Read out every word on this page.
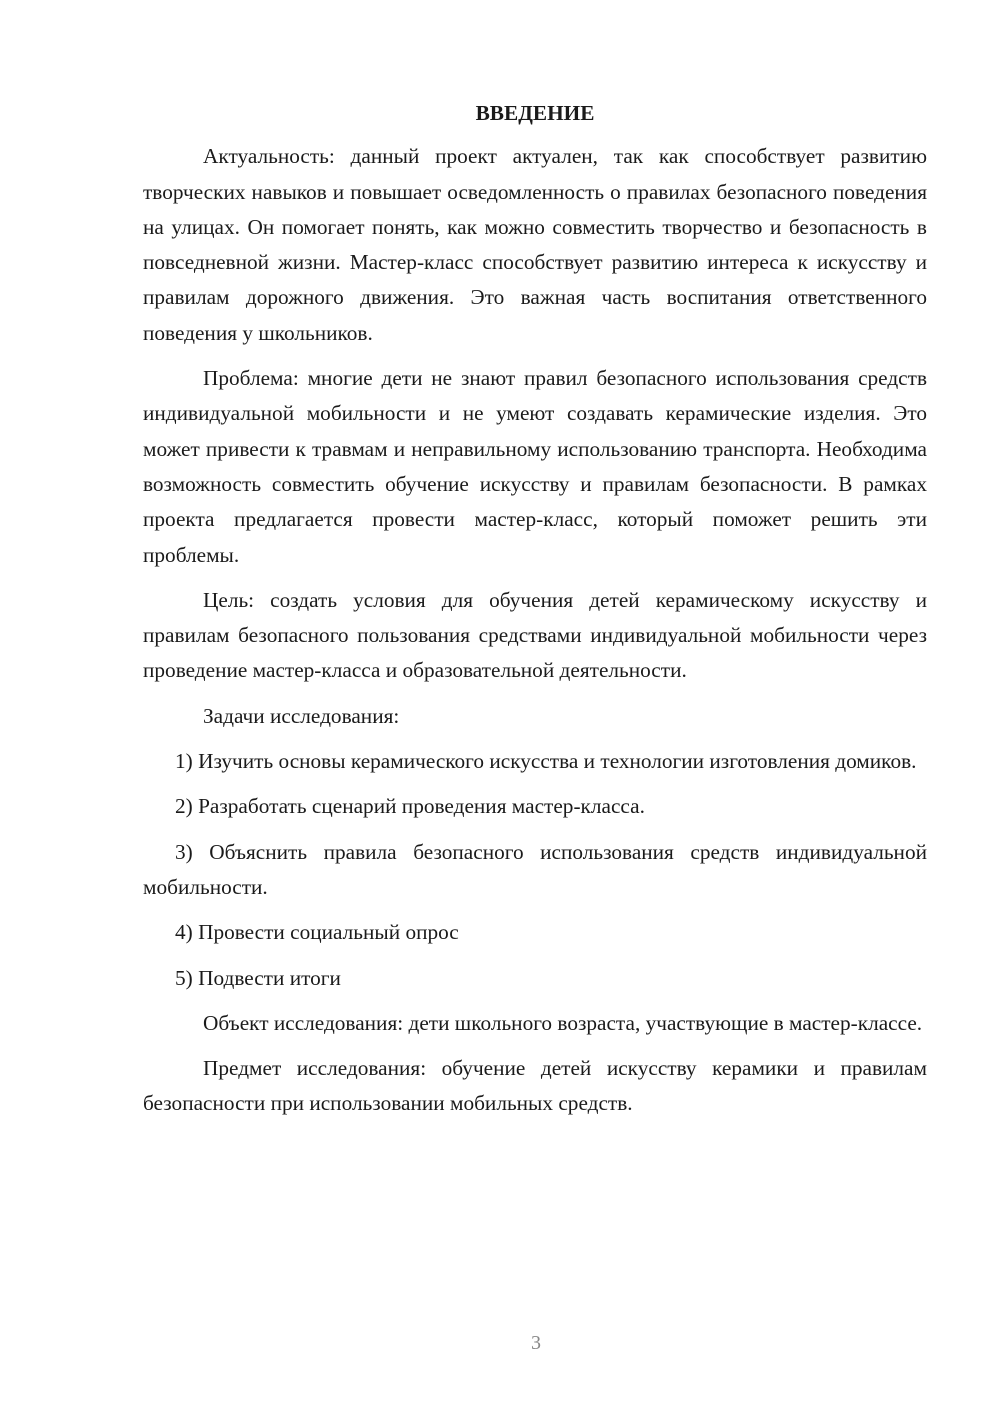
ВВЕДЕНИЕ

Актуальность: данный проект актуален, так как способствует развитию творческих навыков и повышает осведомленность о правилах безопасного поведения на улицах. Он помогает понять, как можно совместить творчество и безопасность в повседневной жизни. Мастер-класс способствует развитию интереса к искусству и правилам дорожного движения. Это важная часть воспитания ответственного поведения у школьников.

Проблема: многие дети не знают правил безопасного использования средств индивидуальной мобильности и не умеют создавать керамические изделия. Это может привести к травмам и неправильному использованию транспорта. Необходима возможность совместить обучение искусству и правилам безопасности. В рамках проекта предлагается провести мастер-класс, который поможет решить эти проблемы.

Цель: создать условия для обучения детей керамическому искусству и правилам безопасного пользования средствами индивидуальной мобильности через проведение мастер-класса и образовательной деятельности.

Задачи исследования:

1) Изучить основы керамического искусства и технологии изготовления домиков.

2) Разработать сценарий проведения мастер-класса.

3) Объяснить правила безопасного использования средств индивидуальной мобильности.

4) Провести социальный опрос

5) Подвести итоги

Объект исследования: дети школьного возраста, участвующие в мастер-классе.

Предмет исследования: обучение детей искусству керамики и правилам безопасности при использовании мобильных средств.

3
